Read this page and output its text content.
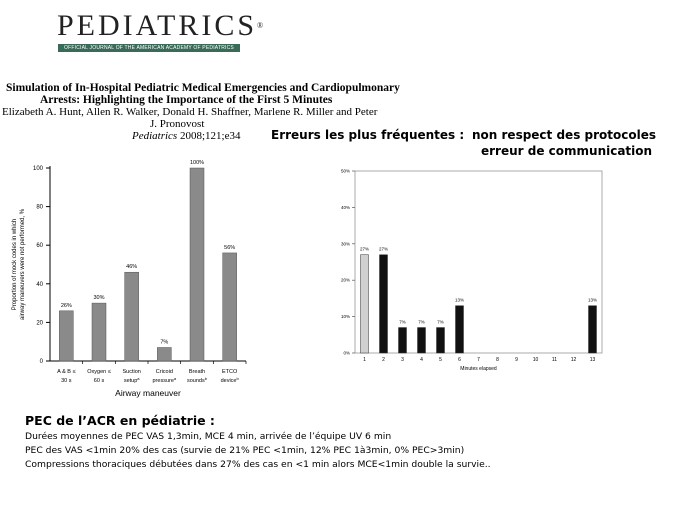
PEDIATRICS®
OFFICIAL JOURNAL OF THE AMERICAN ACADEMY OF PEDIATRICS
Simulation of In-Hospital Pediatric Medical Emergencies and Cardiopulmonary
Arrests: Highlighting the Importance of the First 5 Minutes
Elizabeth A. Hunt, Allen R. Walker, Donald H. Shaffner, Marlene R. Miller and Peter
J. Pronovost
Pediatrics 2008;121;e34	Erreurs les plus fréquentes : non respect des protocoles
erreur de communication
0
20
40
60
80
100
26%
A & B ≤
30 s
30%
Oxygen ≤
60 s
46%
Suction
setup$^a$
7%
Cricoid
pressure$^a$
100%
Breath
sounds$^b$
56%
ETCO
device$^b$
Airway maneuver
Proportion of mock codes in which airway maneuvers were not performed, %
0%
10%
20%
30%
40%
50%
27%
1
27%
2
7%
3
7%
4
7%
5
13%
6	7	8	9	10	11	12
13%
13
Minutes elapsed
PEC de l’ACR en pédiatrie :
Durées moyennes de PEC VAS 1,3min, MCE 4 min, arrivée de l’équipe UV 6 min
PEC des VAS <1min 20% des cas (survie de 21% PEC <1min, 12% PEC 1à3min, 0% PEC>3min)
Compressions thoraciques débutées dans 27% des cas en <1 min alors MCE<1min double la survie..
